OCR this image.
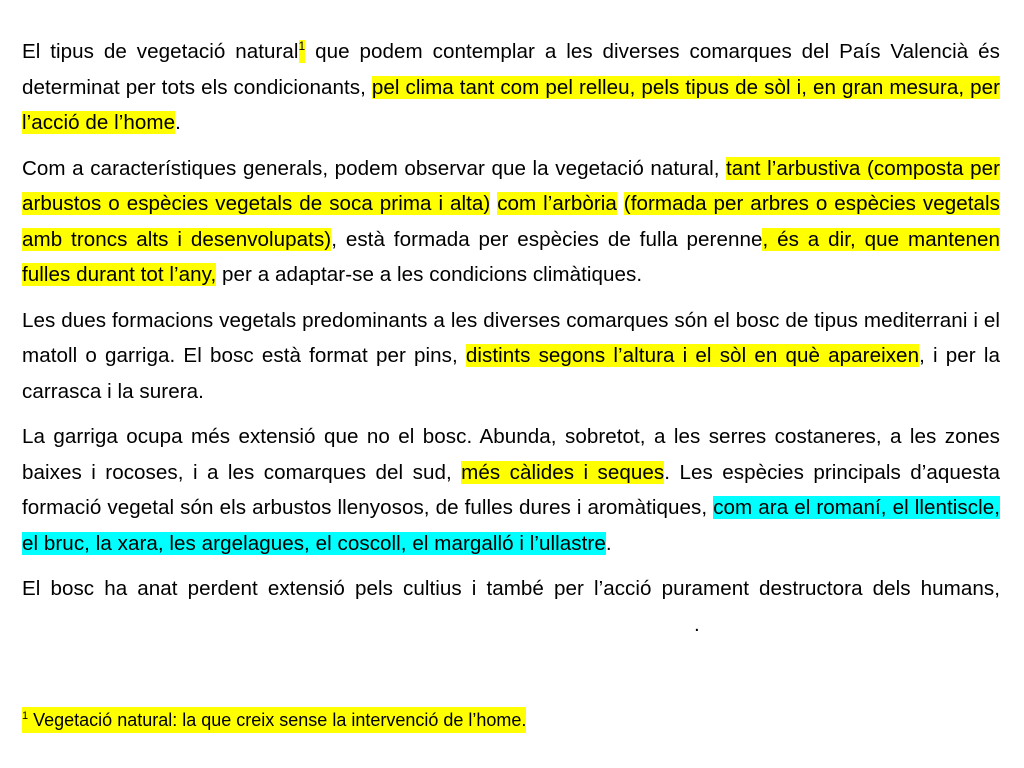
El tipus de vegetació natural$^1$ que podem contemplar a les diverses comarques del País Valencià és determinat per tots els condicionants, pel clima tant com pel relleu, pels tipus de sòl i, en gran mesura, per l’acció de l’home.

Com a característiques generals, podem observar que la vegetació natural, tant l’arbustiva (composta per arbustos o espècies vegetals de soca prima i alta) com l’arbòria (formada per arbres o espècies vegetals amb troncs alts i desenvolupats), està formada per espècies de fulla perenne, és a dir, que mantenen fulles durant tot l’any, per a adaptar-se a les condicions climàtiques.

Les dues formacions vegetals predominants a les diverses comarques són el bosc de tipus mediterrani i el matoll o garriga. El bosc està format per pins, distints segons l’altura i el sòl en què apareixen, i per la carrasca i la surera.

La garriga ocupa més extensió que no el bosc. Abunda, sobretot, a les serres costaneres, a les zones baixes i rocoses, i a les comarques del sud, més càlides i seques. Les espècies principals d’aquesta formació vegetal són els arbustos llenyosos, de fulles dures i aromàtiques, com ara el romaní, el llentiscle, el bruc, la xara, les argelagues, el coscoll, el margalló i l’ullastre.

El bosc ha anat perdent extensió pels cultius i també per l’acció purament destructora dels humans,.

$^1$ Vegetació natural: la que creix sense la intervenció de l’home.
